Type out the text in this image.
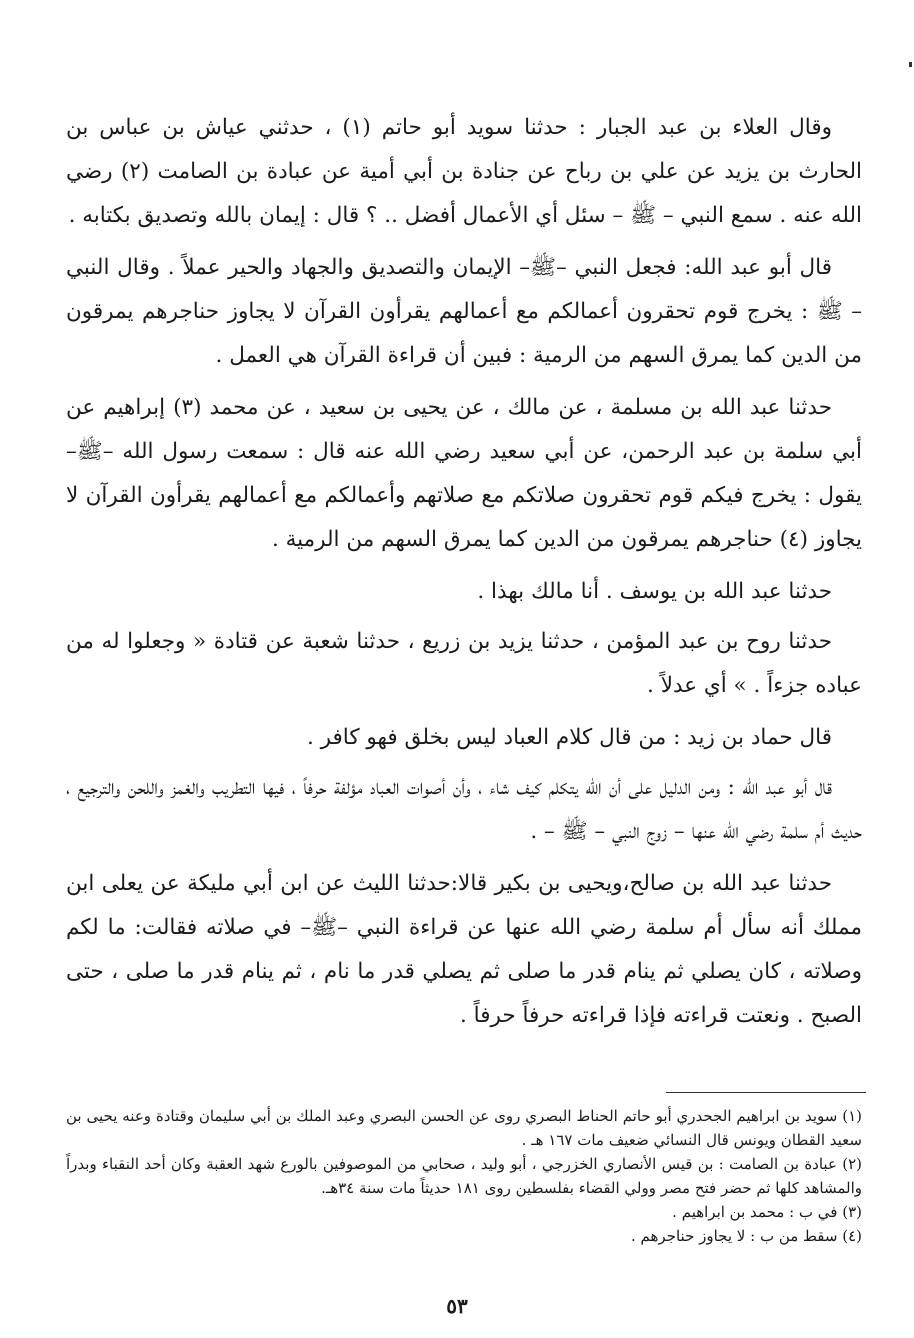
وقال العلاء بن عبد الجبار : حدثنا سويد أبو حاتم (١) ، حدثني عياش بن عباس بن الحارث بن يزيد عن علي بن رباح عن جنادة بن أبي أمية عن عبادة بن الصامت (٢) رضي الله عنه . سمع النبي – ﷺ – سئل أي الأعمال أفضل .. ؟ قال : إيمان بالله وتصديق بكتابه .

قال أبو عبد الله: فجعل النبي –ﷺ– الإيمان والتصديق والجهاد والحير عملاً . وقال النبي – ﷺ : يخرج قوم تحقرون أعمالكم مع أعمالهم يقرأون القرآن لا يجاوز حناجرهم يمرقون من الدين كما يمرق السهم من الرمية : فبين أن قراءة القرآن هي العمل .

حدثنا عبد الله بن مسلمة ، عن مالك ، عن يحيى بن سعيد ، عن محمد (٣) إبراهيم عن أبي سلمة بن عبد الرحمن، عن أبي سعيد رضي الله عنه قال : سمعت رسول الله –ﷺ– يقول : يخرج فيكم قوم تحقرون صلاتكم مع صلاتهم وأعمالكم مع أعمالهم يقرأون القرآن لا يجاوز (٤) حناجرهم يمرقون من الدين كما يمرق السهم من الرمية .

حدثنا عبد الله بن يوسف . أنا مالك بهذا .

حدثنا روح بن عبد المؤمن ، حدثنا يزيد بن زريع ، حدثنا شعبة عن قتادة « وجعلوا له من عباده جزءاً . » أي عدلاً .

قال حماد بن زيد : من قال كلام العباد ليس بخلق فهو كافر .

قال أبو عبد الله : ومن الدليل على أن الله يتكلم كيف شاء ، وأن أصوات العباد مؤلفة حرفاً ، فيها التطريب والغمز واللحن والترجيع ، حديث أم سلمة رضي الله عنها – زوج النبي – ﷺ – .

حدثنا عبد الله بن صالح،ويحيى بن بكير قالا:حدثنا الليث عن ابن أبي مليكة عن يعلى ابن مملك أنه سأل أم سلمة رضي الله عنها عن قراءة النبي –ﷺ– في صلاته فقالت: ما لكم وصلاته ، كان يصلي ثم ينام قدر ما صلى ثم يصلي قدر ما نام ، ثم ينام قدر ما صلى ، حتى الصبح . ونعتت قراءته فإذا قراءته حرفاً حرفاً .

(١) سويد بن ابراهيم الجحدري أبو حاتم الحناط البصري روى عن الحسن البصري وعبد الملك بن أبي سليمان وقتادة وعنه يحيى بن سعيد القطان ويونس قال النسائي ضعيف مات ١٦٧ هـ .

(٢) عبادة بن الصامت : بن قيس الأنصاري الخزرجي ، أبو وليد ، صحابي من الموصوفين بالورع شهد العقبة وكان أحد النقباء وبدراً والمشاهد كلها ثم حضر فتح مصر وولي القضاء بفلسطين روى ١٨١ حديثاً مات سنة ٣٤هـ.

(٣) في ب : محمد بن ابراهيم .

(٤) سقط من ب : لا يجاوز حناجرهم .

٥٣
